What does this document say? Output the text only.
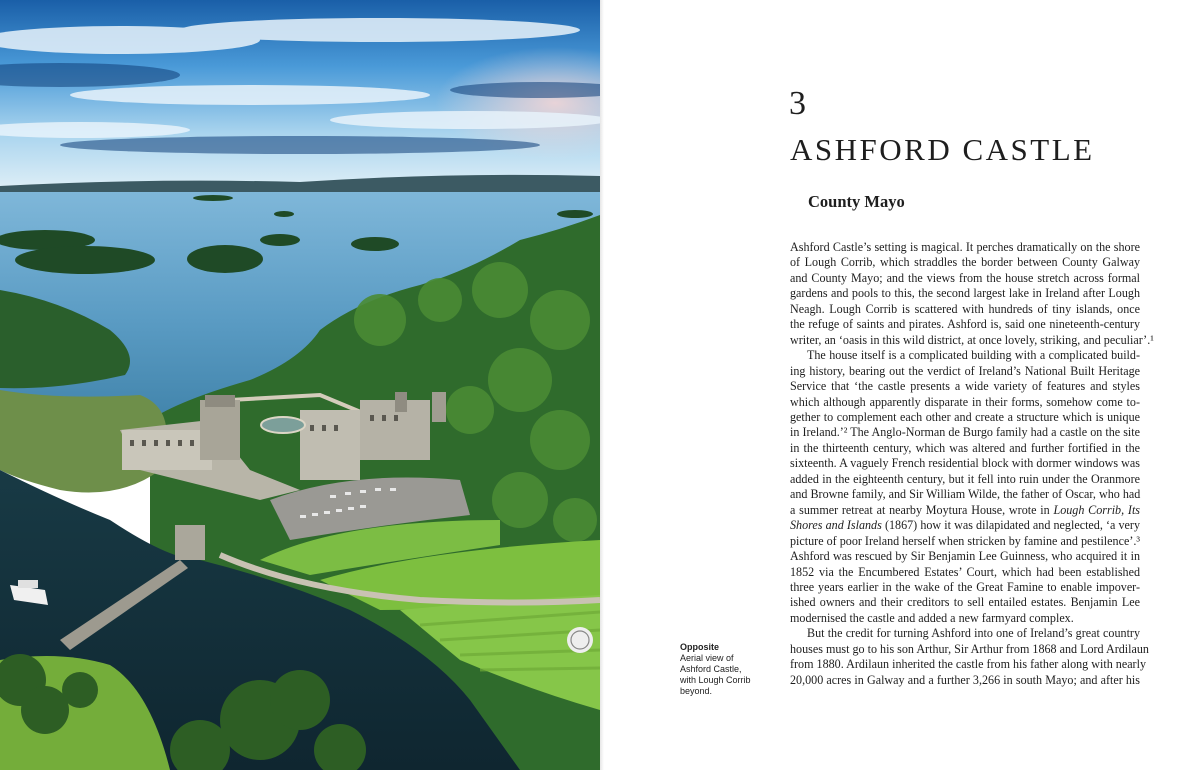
Opposite
Aerial view of Ashford Castle, with Lough Corrib beyond.
3
ASHFORD CASTLE
County Mayo
Ashford Castle’s setting is magical. It perches dramatically on the shore
of Lough Corrib, which straddles the border between County Galway
and County Mayo; and the views from the house stretch across formal
gardens and pools to this, the second largest lake in Ireland after Lough
Neagh. Lough Corrib is scattered with hundreds of tiny islands, once
the refuge of saints and pirates. Ashford is, said one nineteenth-century
writer, an ‘oasis in this wild district, at once lovely, striking, and peculiar’.¹
The house itself is a complicated building with a complicated build-
ing history, bearing out the verdict of Ireland’s National Built Heritage
Service that ‘the castle presents a wide variety of features and styles
which although apparently disparate in their forms, somehow come to-
gether to complement each other and create a structure which is unique
in Ireland.’² The Anglo-Norman de Burgo family had a castle on the site
in the thirteenth century, which was altered and further fortified in the
sixteenth. A vaguely French residential block with dormer windows was
added in the eighteenth century, but it fell into ruin under the Oranmore
and Browne family, and Sir William Wilde, the father of Oscar, who had
a summer retreat at nearby Moytura House, wrote in Lough Corrib, Its
Shores and Islands (1867) how it was dilapidated and neglected, ‘a very
picture of poor Ireland herself when stricken by famine and pestilence’.³
Ashford was rescued by Sir Benjamin Lee Guinness, who acquired it in
1852 via the Encumbered Estates’ Court, which had been established
three years earlier in the wake of the Great Famine to enable impover-
ished owners and their creditors to sell entailed estates. Benjamin Lee
modernised the castle and added a new farmyard complex.
But the credit for turning Ashford into one of Ireland’s great country
houses must go to his son Arthur, Sir Arthur from 1868 and Lord Ardilaun
from 1880. Ardilaun inherited the castle from his father along with nearly
20,000 acres in Galway and a further 3,266 in south Mayo; and after his
